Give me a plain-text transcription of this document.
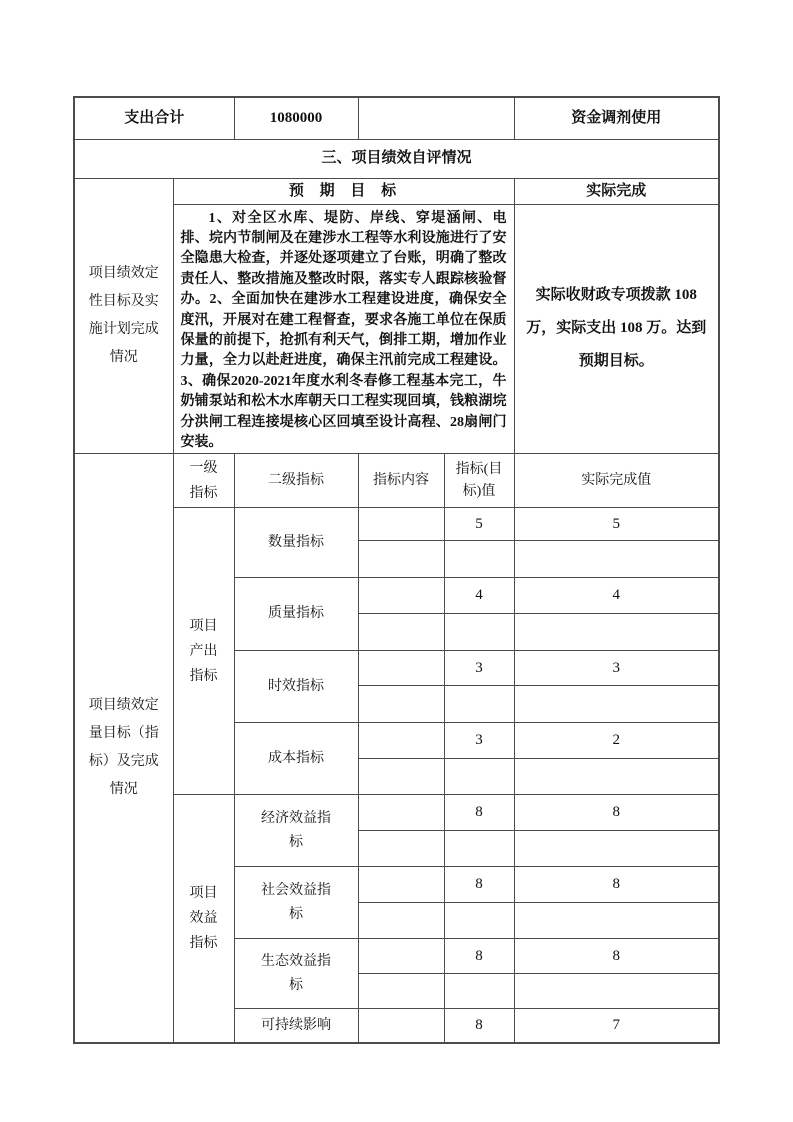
支出合计		1080000			资金调剂使用
三、项目绩效自评情况					
项目绩效定性目标及实施计划完成情况	预 期 目 标				实际完成

	1、对全区水库、堤防、岸线、穿堤涵闸、电排、垸内节制闸及在建涉水工程等水利设施进行了安全隐患大检查，并逐处逐项建立了台账，明确了整改责任人、整改措施及整改时限，落实专人跟踪核验督办。2、全面加快在建涉水工程建设进度，确保安全度汛，开展对在建工程督查，要求各施工单位在保质保量的前提下，抢抓有利天气，倒排工期，增加作业力量，全力以赴赶进度，确保主汛前完成工程建设。3、确保2020-2021年度水利冬春修工程基本完工，牛奶铺泵站和松木水库朝天口工程实现回填，钱粮湖垸分洪闸工程连接堤核心区回填至设计高程、28扇闸门安装。				实际收财政专项拨款 108 万，实际支出 108 万。达到预期目标。
项目绩效定量目标（指标）及完成情况	一级指标	二级指标	指标内容	指标(目标)值	实际完成值
	项目产出指标	数量指标		5	5

		质量指标		4	4

		时效指标		3	3

		成本指标		3	2

	项目效益指标	经济效益指标		8	8

		社会效益指标		8	8

		生态效益指标		8	8

		可持续影响		8	7
